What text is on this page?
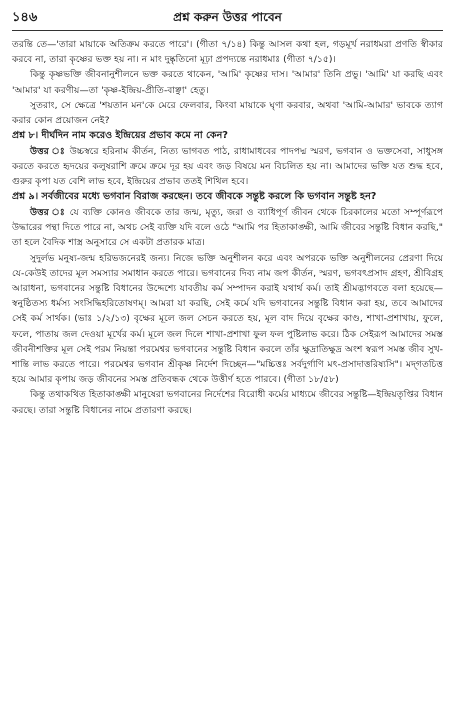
১৪৬	প্রশ্ন করুন উত্তর পাবেন

তরন্তি তে—'তারা মায়াকে অতিক্রম করতে পারে'। (গীতা ৭/১৪) কিন্তু আসল কথা হল, গড়মূর্খ নরাধমরা প্রণতি স্বীকার করবে না, তারা কৃষ্ণের ভক্ত হয় না। ন মাং দুষ্কৃতিনো মূঢ়া প্রপদ্যন্তে নরাধমাঃ (গীতা ৭/১৫)।

কিন্তু কৃষ্ণভক্তি জীবনানুশীলনে ভক্ত করতে থাকেন, 'আমি' কৃষ্ণের দাস। 'আমার' তিনি প্রভু। 'আমি' যা করছি এবং 'আমার' যা করণীয়—তা 'কৃষ্ণ-ইন্দ্রিয়-প্রীতি-বাঞ্ছা' হেতু।

সুতরাং, সে ক্ষেত্রে 'শয়তান মন'কে মেরে ফেলবার, কিংবা মায়াকে ঘৃণা করবার, অথবা 'আমি-আমার' ভাবকে ত্যাগ করার কোন প্রয়োজন নেই?

প্রশ্ন ৮। দীর্ঘদিন নাম করেও ইন্দ্রিয়ের প্রভাব কমে না কেন?

উত্তর ঃ উচ্চস্বরে হরিনাম কীর্তন, নিত্য ভাগবত পাঠ, রাধামাধবের পাদপদ্ম স্মরণ, ভগবান ও ভক্তসেবা, সাধুসঙ্গ করতে করতে হৃদয়ের কলুষরাশি ক্রমে ক্রমে দূর হয় এবং জড় বিষয়ে মন বিচলিত হয় না। আমাদের ভক্তি যত শুদ্ধ হবে, গুরুর কৃপা যত বেশি লাভ হবে, ইন্দ্রিয়ের প্রভাব ততই শিথিল হবে।

প্রশ্ন ৯। সর্বজীবের মধ্যে ভগবান বিরাজ করছেন। তবে জীবকে সন্তুষ্ট করলে কি ভগবান সন্তুষ্ট হন?

উত্তর ঃ যে ব্যক্তি কোনও জীবকে তার জন্ম, মৃত্যু, জরা ও ব্যাধিপূর্ণ জীবন থেকে চিরকালের মতো সম্পূর্ণরূপে উদ্ধারের পন্থা দিতে পারে না, অথচ সেই ব্যক্তি যদি বলে ওঠে "আমি পর হিতাকাঙ্ক্ষী, আমি জীবের সন্তুষ্টি বিধান করছি," তা হলে বৈদিক শাস্ত্র অনুসারে সে একটা প্রতারক মাত্র।

সুদুর্লভ মনুষ্য-জন্ম হরিভজনেরই জন্য। নিজে ভক্তি অনুশীলন করে এবং অপরকে ভক্তি অনুশীলনের প্রেরণা দিয়ে যে-কেউই তাদের মূল সমস্যার সমাধান করতে পারে। ভগবানের দিব্য নাম জপ কীর্তন, স্মরণ, ভগবৎপ্রসাদ গ্রহণ, শ্রীবিগ্রহ আরাধনা, ভগবানের সন্তুষ্টি বিধানের উদ্দেশ্যে যাবতীয় কর্ম সম্পাদন করাই যথার্থ কর্ম। তাই শ্রীমদ্ভাগবতে বলা হয়েছে—স্বনুষ্ঠিতস্য ধর্মস্য সংসিদ্ধিহরিতোষণম্। আমরা যা করছি, সেই কর্মে যদি ভগবানের সন্তুষ্টি বিধান করা হয়, তবে আমাদের সেই কর্ম সার্থক। (ভাঃ ১/২/১৩) বৃক্ষের মূলে জল সেচন করতে হয়, মূল বাদ দিয়ে বৃক্ষের কাণ্ড, শাখা-প্রশাখায়, ফুলে, ফলে, পাতায় জল দেওয়া মূর্খের কর্ম। মূলে জল দিলে শাখা-প্রশাখা ফুল ফল পুষ্টিলাভ করে। ঠিক সেইরূপ আমাদের সমস্ত জীবনীশক্তির মূল সেই পরম নিয়ন্তা পরমেশ্বর ভগবানের সন্তুষ্টি বিধান করলে তাঁর ক্ষুদ্রাতিক্ষুদ্র অংশ স্বরূপ সমস্ত জীব সুখ-শান্তি লাভ করতে পারে। পরমেশ্বর ভগবান শ্রীকৃষ্ণ নির্দেশ দিচ্ছেন—"মচ্চিত্তঃ সর্বদুর্গাণি মৎ-প্রসাদাত্তরিষ্যসি"। মদ্‌গতচিত্ত হয়ে আমার কৃপায় জড় জীবনের সমস্ত প্রতিবন্ধক থেকে উত্তীর্ণ হতে পারবে। (গীতা ১৮/৫৮)

কিন্তু তথাকথিত হিতাকাঙ্ক্ষী মানুষেরা ভগবানের নির্দেশের বিরোধী কর্মের মাধ্যমে জীবের সন্তুষ্টি—ইন্দ্রিয়তৃপ্তির বিধান করছে। তারা সন্তুষ্টি বিধানের নামে প্রতারণা করছে।
